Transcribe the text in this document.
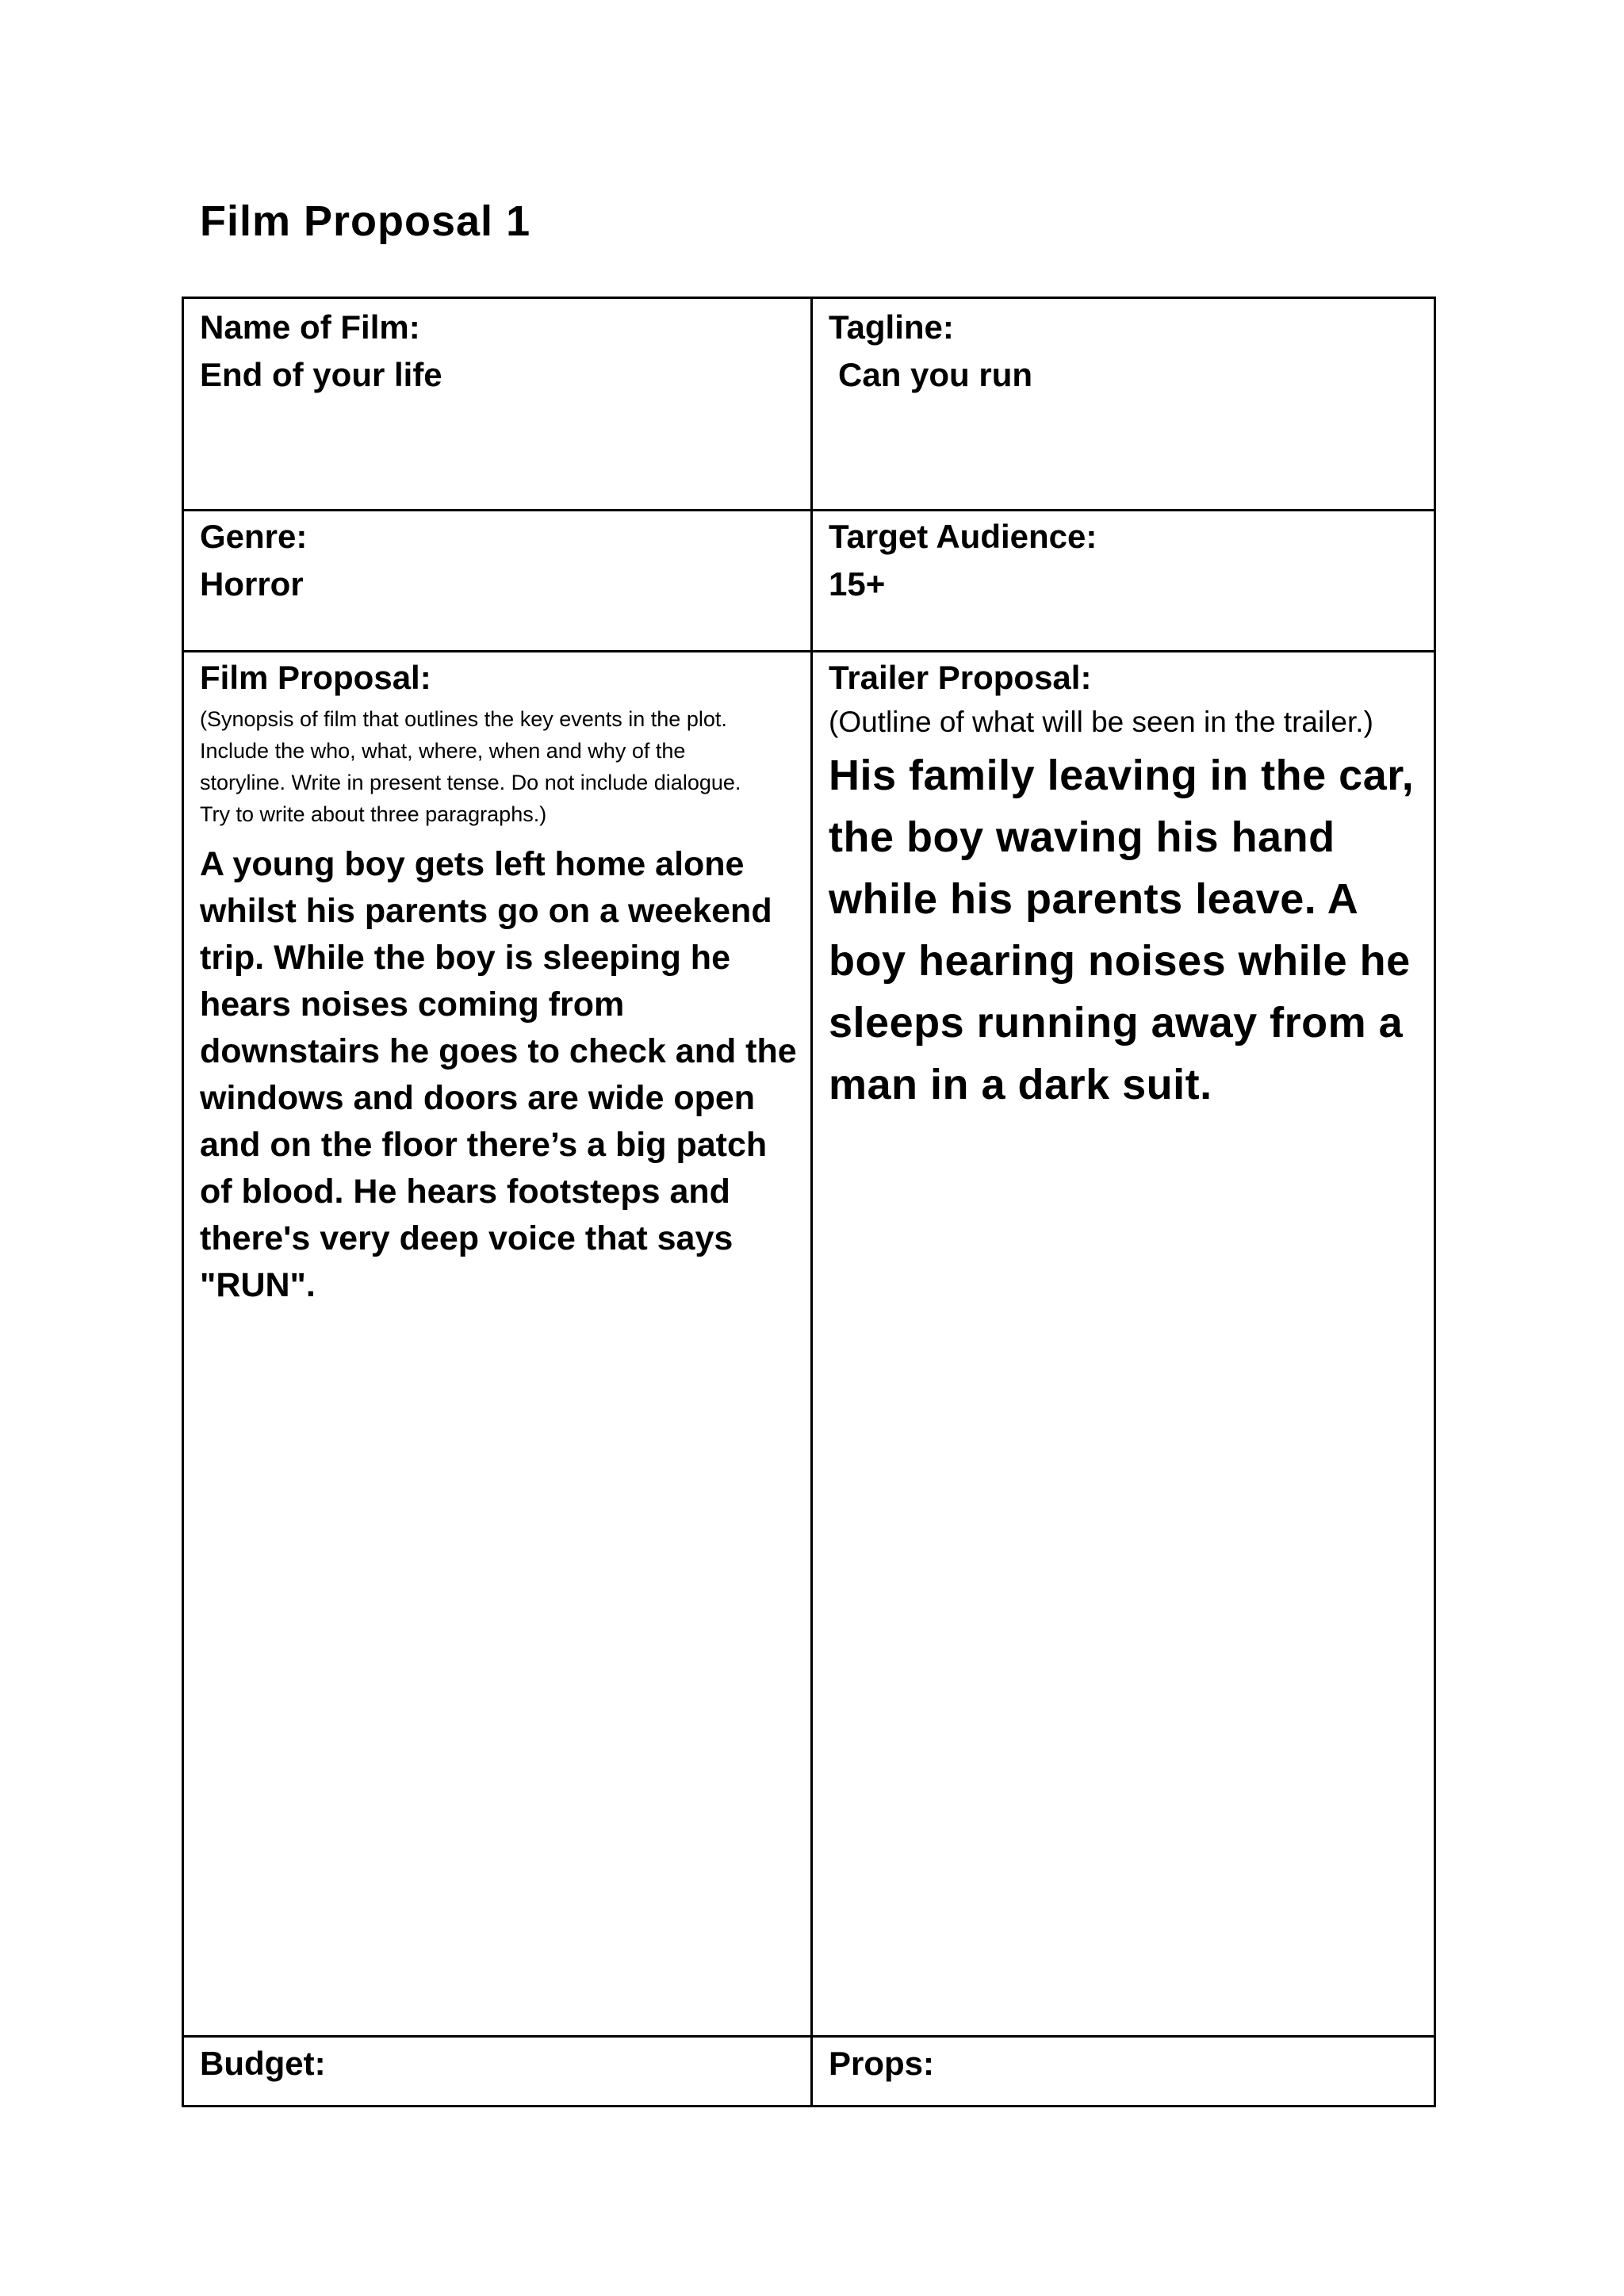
Film Proposal 1
Name of Film:
End of your life
Tagline:
Can you run
Genre:
Horror
Target Audience:
15+
Film Proposal:
(Synopsis of film that outlines the key events in the plot.
Include the who, what, where, when and why of the
storyline. Write in present tense. Do not include dialogue.
Try to write about three paragraphs.)
A young boy gets left home alone whilst his parents go on a weekend trip. While the boy is sleeping he hears noises coming from downstairs he goes to check and the windows and doors are wide open and on the floor there’s a big patch of blood. He hears footsteps and there's very deep voice that says "RUN".
Trailer Proposal:
(Outline of what will be seen in the trailer.)
His family leaving in the car, the boy waving his hand while his parents leave. A boy hearing noises while he sleeps running away from a man in a dark suit.
Budget:	Props:
